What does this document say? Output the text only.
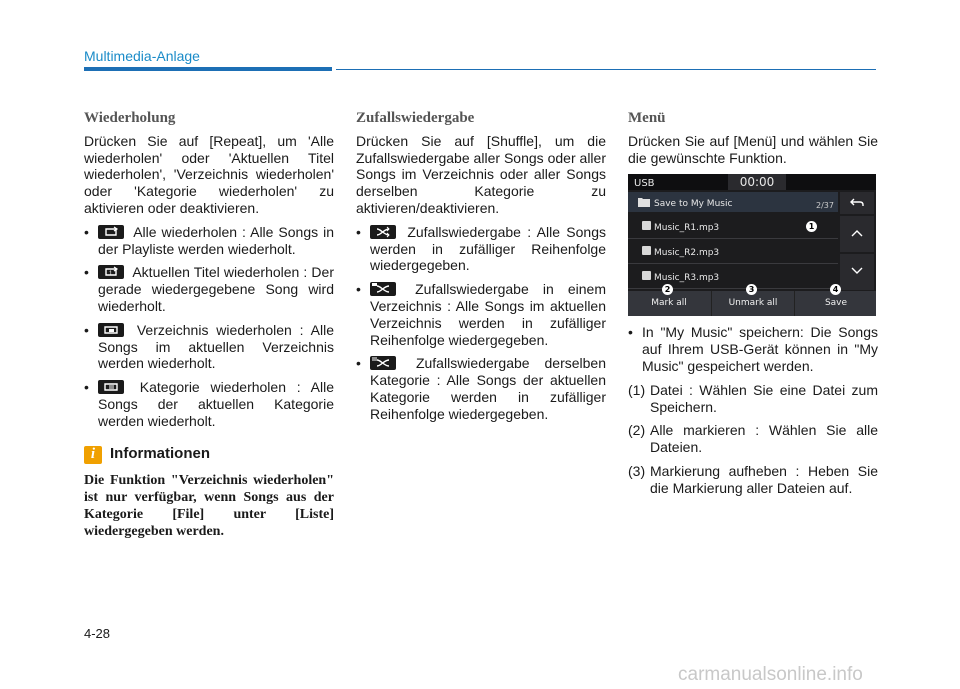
Multimedia-Anlage
Wiederholung
Drücken Sie auf [Repeat], um 'Alle wiederholen' oder 'Aktuellen Titel wiederholen', 'Verzeichnis wiederholen' oder 'Kategorie wiederholen' zu aktivieren oder deaktivieren.
•	Alle wiederholen : Alle Songs in der Playliste werden wiederholt.
•	1 Aktuellen Titel wiederholen : Der gerade wiedergegebene Song wird wiederholt.
•	Verzeichnis wiederholen : Alle Songs im aktuellen Verzeichnis werden wiederholt.
•	Kategorie wiederholen : Alle Songs der aktuellen Kategorie werden wiederholt.
i Informationen
Die Funktion "Verzeichnis wiederholen" ist nur verfügbar, wenn Songs aus der Kategorie [File] unter [Liste] wiedergegeben werden.
Zufallswiedergabe
Drücken Sie auf [Shuffle], um die Zufallswiedergabe aller Songs oder aller Songs im Verzeichnis oder aller Songs derselben Kategorie zu aktivieren/deaktivieren.
•	Zufallswiedergabe : Alle Songs werden in zufälliger Reihenfolge wiedergegeben.
•	Zufallswiedergabe in einem Verzeichnis : Alle Songs im aktuellen Verzeichnis werden in zufälliger Reihenfolge wiedergegeben.
•	Zufallswiedergabe derselben Kategorie : Alle Songs der aktuellen Kategorie werden in zufälliger Reihenfolge wiedergegeben.
Menü
Drücken Sie auf [Menü] und wählen Sie die gewünschte Funktion.
USB	00:00
Save to My Music	2/37
Music_R1.mp3	1
Music_R2.mp3
Music_R3.mp3
Mark all	Unmark all	Save
2	3	4
• In "My Music" speichern: Die Songs auf Ihrem USB-Gerät können in "My Music" gespeichert werden.
(1) Datei : Wählen Sie eine Datei zum Speichern.
(2) Alle markieren : Wählen Sie alle Dateien.
(3) Markierung aufheben : Heben Sie die Markierung aller Dateien auf.
4-28
carmanualsonline.info
